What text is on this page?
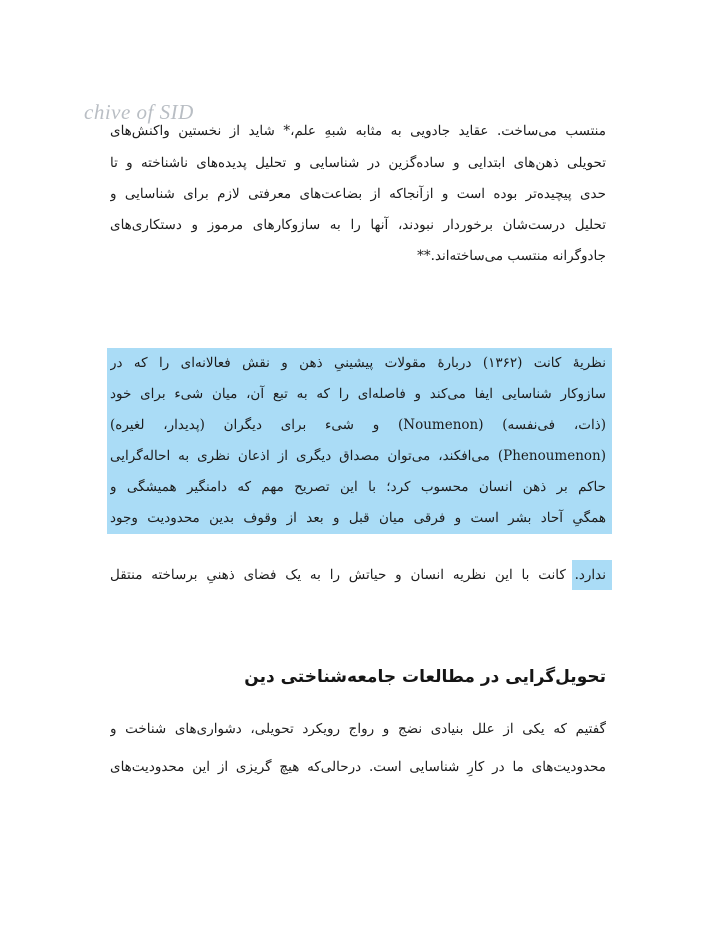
chive of SID
منتسب می‌ساخت. عقاید جادویی به مثابه شبهِ علم،* شاید از نخستین واکنش‌های
تحویلی ذهن‌های ابتدایی و ساده‌گزین در شناسایی و تحلیل پدیده‌های ناشناخته و تا
حدی پیچیده‌تر بوده است و ازآنجاکه از بضاعت‌های معرفتی لازم برای شناسایی و
تحلیل درست‌شان برخوردار نبودند، آنها را به سازوکارهای مرموز و دستکاری‌های
جادوگرانه منتسب می‌ساخته‌اند.**
نظریهٔ کانت (۱۳۶۲) دربارهٔ مقولات پیشینیِ ذهن و نقش فعالانه‌ای را که در
سازوکار شناسایی ایفا می‌کند و فاصله‌ای را که به تبع آن، میان شیء برای خود
(ذات، فی‌نفسه) (Noumenon) و شیء برای دیگران (پدیدار، لغیره)
(Phenoumenon) می‌افکند، می‌توان مصداق دیگری از اذعان نظری به احاله‌گرایی
حاکم بر ذهن انسان محسوب کرد؛ با این تصریح مهم که دامنگیر همیشگی و
همگیِ آحاد بشر است و فرقی میان قبل و بعد از وقوف بدین محدودیت وجود
ندارد. کانت با این نظریه انسان و حیاتش را به یک فضای ذهنیِ برساخته منتقل
تحویل‌گرایی در مطالعات جامعه‌شناختی دین
گفتیم که یکی از علل بنیادی نضج و رواج رویکرد تحویلی، دشواری‌های شناخت و
محدودیت‌های ما در کارِ شناسایی است. درحالی‌که هیچ گریزی از این محدودیت‌های
